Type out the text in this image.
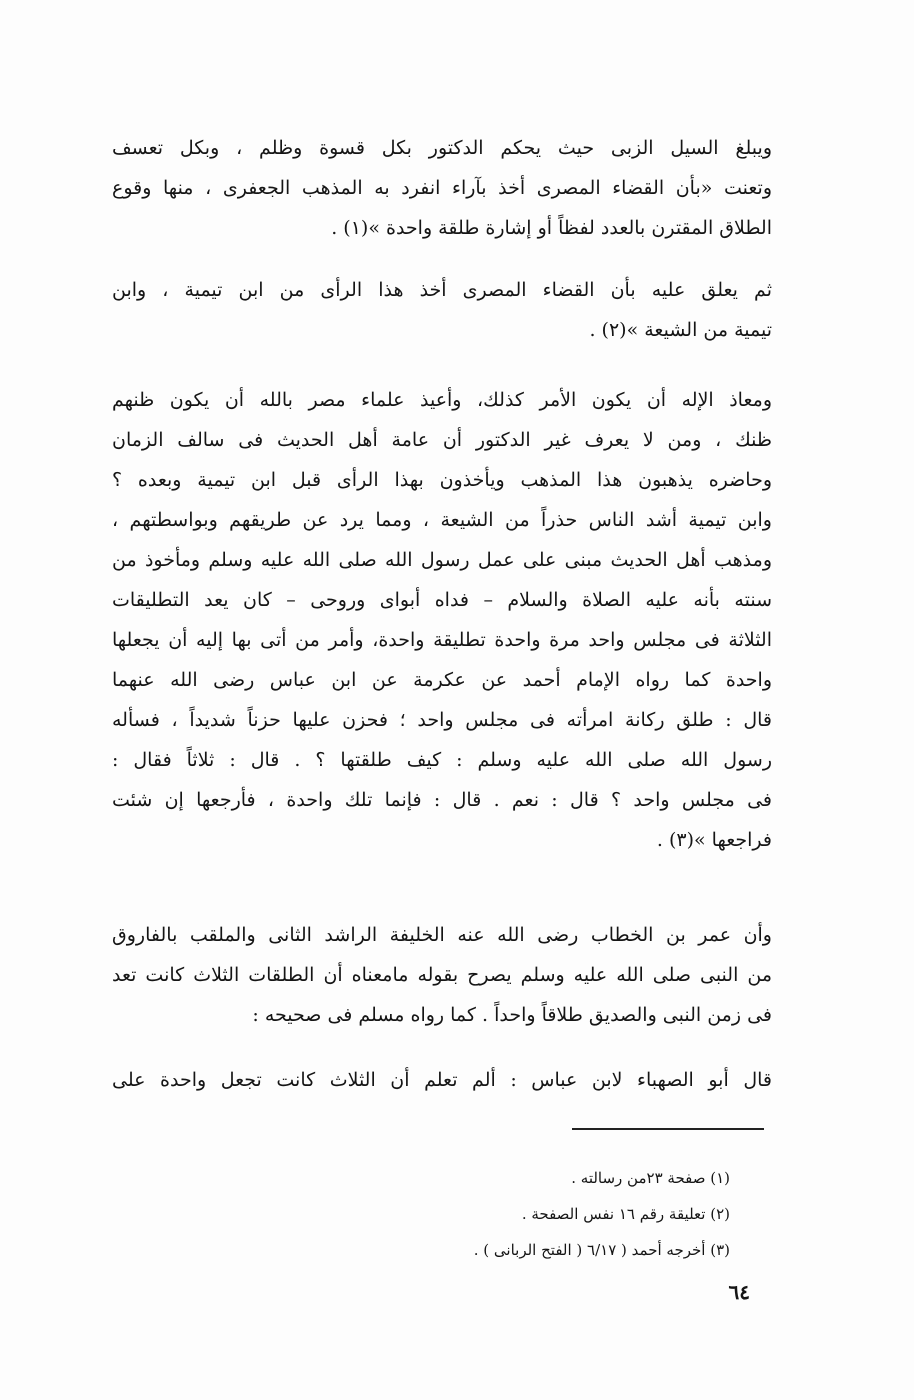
ويبلغ السيل الزبى حيث يحكم الدكتور بكل قسوة وظلم ، وبكل تعسف
وتعنت «بأن القضاء المصرى أخذ بآراء انفرد به المذهب الجعفرى ، منها وقوع
الطلاق المقترن بالعدد لفظاً أو إشارة طلقة واحدة »(١) .
ثم يعلق عليه بأن القضاء المصرى أخذ هذا الرأى من ابن تيمية ، وابن
تيمية من الشيعة »(٢) .
ومعاذ الإله أن يكون الأمر كذلك، وأعيذ علماء مصر بالله أن يكون ظنهم
ظنك ، ومن لا يعرف غير الدكتور أن عامة أهل الحديث فى سالف الزمان
وحاضره يذهبون هذا المذهب ويأخذون بهذا الرأى قبل ابن تيمية وبعده ؟
وابن تيمية أشد الناس حذراً من الشيعة ، ومما يرد عن طريقهم وبواسطتهم ،
ومذهب أهل الحديث مبنى على عمل رسول الله صلى الله عليه وسلم ومأخوذ من
سنته بأنه عليه الصلاة والسلام – فداه أبواى وروحى – كان يعد التطليقات
الثلاثة فى مجلس واحد مرة واحدة تطليقة واحدة، وأمر من أتى بها إليه أن يجعلها
واحدة كما رواه الإمام أحمد عن عكرمة عن ابن عباس رضى الله عنهما
قال : طلق ركانة امرأته فى مجلس واحد ؛ فحزن عليها حزناً شديداً ، فسأله
رسول الله صلى الله عليه وسلم : كيف طلقتها ؟ . قال : ثلاثاً فقال :
فى مجلس واحد ؟ قال : نعم . قال : فإنما تلك واحدة ، فأرجعها إن شئت
فراجعها »(٣) .
وأن عمر بن الخطاب رضى الله عنه الخليفة الراشد الثانى والملقب بالفاروق
من النبى صلى الله عليه وسلم يصرح بقوله مامعناه أن الطلقات الثلاث كانت تعد
فى زمن النبى والصديق طلاقاً واحداً . كما رواه مسلم فى صحيحه :
قال أبو الصهباء لابن عباس : ألم تعلم أن الثلاث كانت تجعل واحدة على
(١) صفحة ٢٣من رسالته .
(٢) تعليقة رقم ١٦ نفس الصفحة .
(٣) أخرجه أحمد ( ٦/١٧ ( الفتح الربانى ) .
٦٤
